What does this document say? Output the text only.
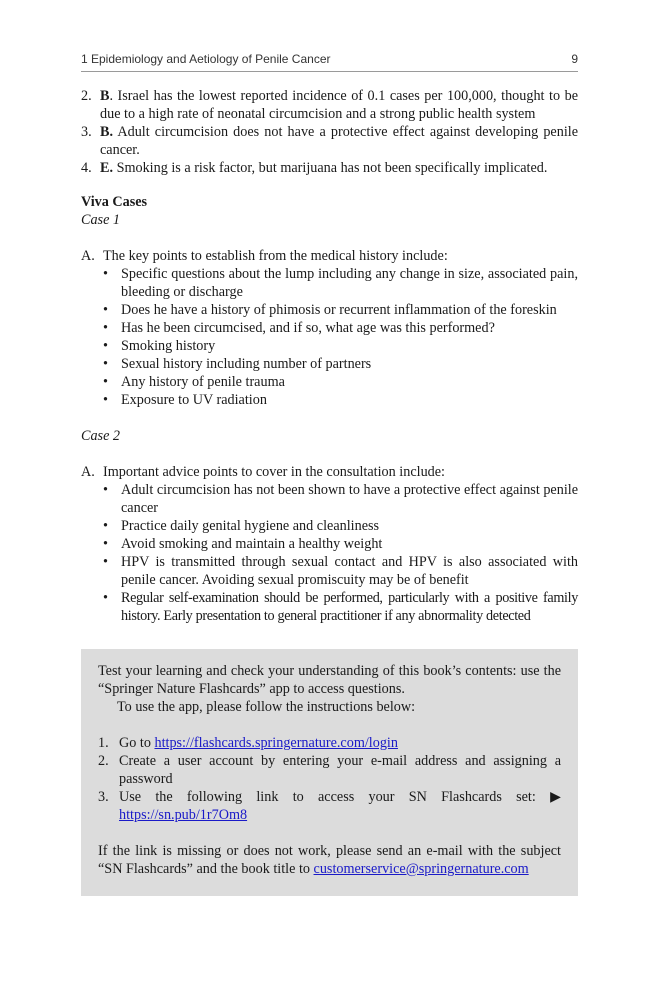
1 Epidemiology and Aetiology of Penile Cancer	9
2. B. Israel has the lowest reported incidence of 0.1 cases per 100,000, thought to be due to a high rate of neonatal circumcision and a strong public health system
3. B. Adult circumcision does not have a protective effect against developing penile cancer.
4. E. Smoking is a risk factor, but marijuana has not been specifically implicated.
Viva Cases
Case 1
A. The key points to establish from the medical history include:
• Specific questions about the lump including any change in size, associated pain, bleeding or discharge
• Does he have a history of phimosis or recurrent inflammation of the foreskin
• Has he been circumcised, and if so, what age was this performed?
• Smoking history
• Sexual history including number of partners
• Any history of penile trauma
• Exposure to UV radiation
Case 2
A. Important advice points to cover in the consultation include:
• Adult circumcision has not been shown to have a protective effect against penile cancer
• Practice daily genital hygiene and cleanliness
• Avoid smoking and maintain a healthy weight
• HPV is transmitted through sexual contact and HPV is also associated with penile cancer. Avoiding sexual promiscuity may be of benefit
• Regular self-examination should be performed, particularly with a positive family history. Early presentation to general practitioner if any abnormality detected

Test your learning and check your understanding of this book’s contents: use the “Springer Nature Flashcards” app to access questions.

To use the app, please follow the instructions below:

1. Go to https://flashcards.springernature.com/login
2. Create a user account by entering your e-mail address and assigning a password
3. Use the following link to access your SN Flashcards set: ▶ https://sn.pub/1r7Om8

If the link is missing or does not work, please send an e-mail with the subject “SN Flashcards” and the book title to customerservice@springernature.com
